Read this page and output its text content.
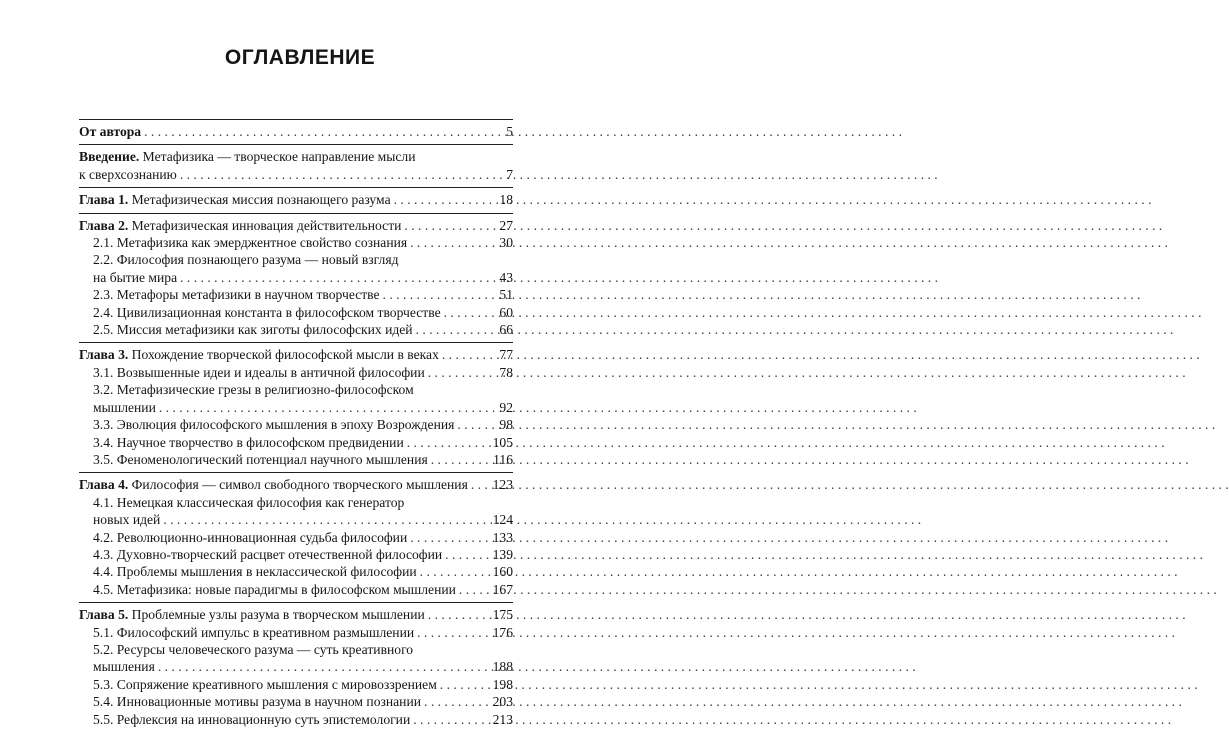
ОГЛАВЛЕНИЕ
От автора . . .	5
Введение. Метафизика — творческое направление мысли
к сверхсознанию . . .	7
Глава 1. Метафизическая миссия познающего разума . . .	18
Глава 2. Метафизическая инновация действительности . . .	27
2.1. Метафизика как эмерджентное свойство сознания . . .	30
2.2. Философия познающего разума — новый взгляд
на бытие мира . . .	43
2.3. Метафоры метафизики в научном творчестве . . .	51
2.4. Цивилизационная константа в философском творчестве . . .	60
2.5. Миссия метафизики как зиготы философских идей . . .	66
Глава 3. Похождение творческой философской мысли в веках . . .	77
3.1. Возвышенные идеи и идеалы в античной философии . . .	78
3.2. Метафизические грезы в религиозно-философском
мышлении . . .	92
3.3. Эволюция философского мышления в эпоху Возрождения . . .	98
3.4. Научное творчество в философском предвидении . . .	105
3.5. Феноменологический потенциал научного мышления . . .	116
Глава 4. Философия — символ свободного творческого мышления . . . 123
4.1. Немецкая классическая философия как генератор
новых идей . . .	124
4.2. Революционно-инновационная судьба философии . . .	133
4.3. Духовно-творческий расцвет отечественной философии . . .	139
4.4. Проблемы мышления в неклассической философии . . .	160
4.5. Метафизика: новые парадигмы в философском мышлении . . .	167
Глава 5. Проблемные узлы разума в творческом мышлении . . .	175
5.1. Философский импульс в креативном размышлении . . .	176
5.2. Ресурсы человеческого разума — суть креативного
мышления . . .	188
5.3. Сопряжение креативного мышления с мировоззрением . . .	198
5.4. Инновационные мотивы разума в научном познании . . .	203
5.5. Рефлексия на инновационную суть эпистемологии . . .	213
